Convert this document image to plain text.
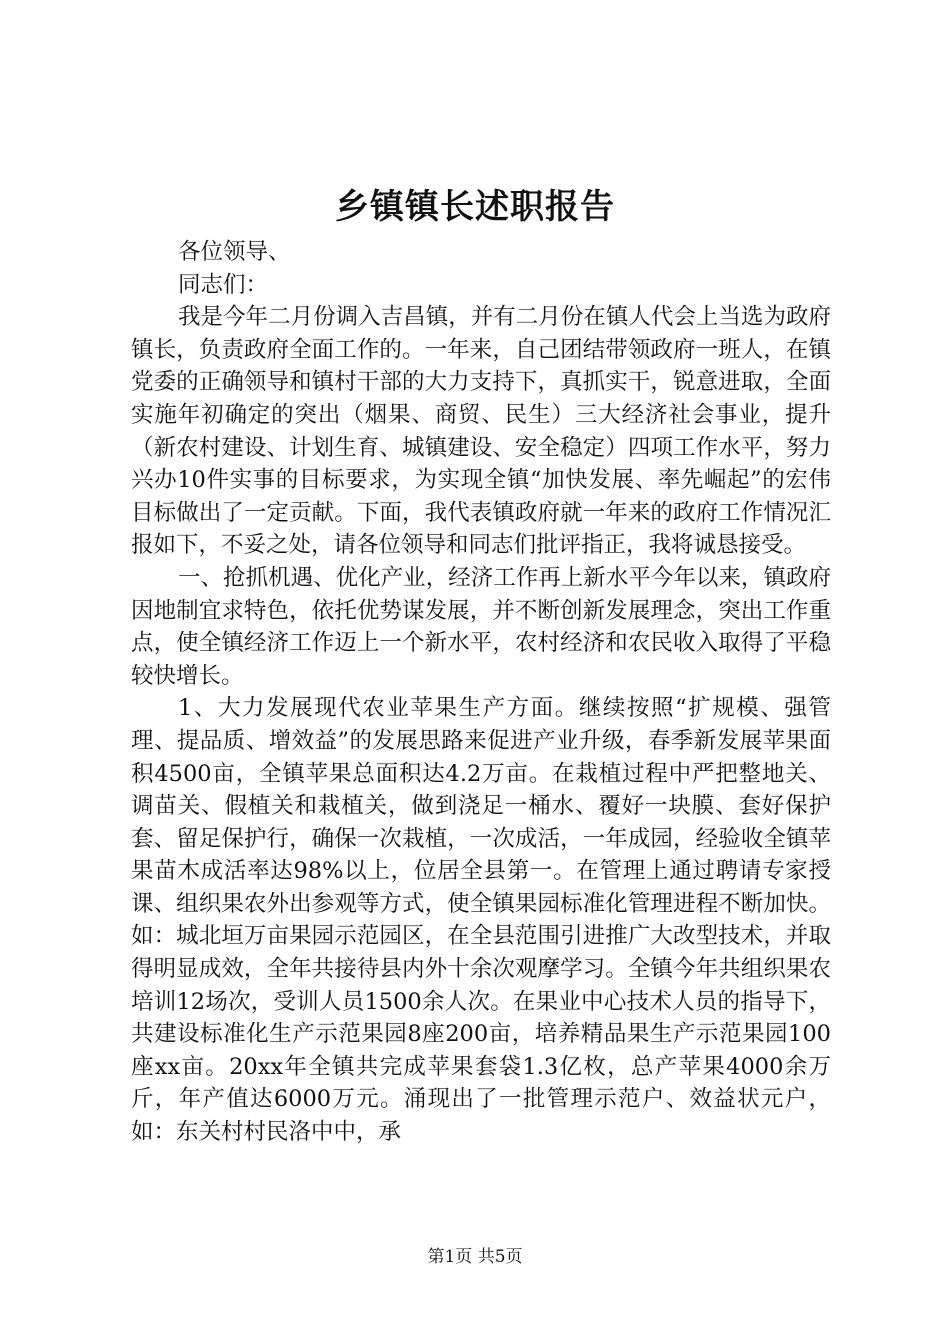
乡镇镇长述职报告

各位领导、

同志们：

我是今年二月份调入吉昌镇，并有二月份在镇人代会上当选为政府镇长，负责政府全面工作的。一年来，自己团结带领政府一班人，在镇党委的正确领导和镇村干部的大力支持下，真抓实干，锐意进取，全面实施年初确定的突出（烟果、商贸、民生）三大经济社会事业，提升（新农村建设、计划生育、城镇建设、安全稳定）四项工作水平，努力兴办10件实事的目标要求，为实现全镇“加快发展、率先崛起”的宏伟目标做出了一定贡献。下面，我代表镇政府就一年来的政府工作情况汇报如下，不妥之处，请各位领导和同志们批评指正，我将诚恳接受。

一、抢抓机遇、优化产业，经济工作再上新水平今年以来，镇政府因地制宜求特色，依托优势谋发展，并不断创新发展理念，突出工作重点，使全镇经济工作迈上一个新水平，农村经济和农民收入取得了平稳较快增长。

1、大力发展现代农业苹果生产方面。继续按照“扩规模、强管理、提品质、增效益”的发展思路来促进产业升级，春季新发展苹果面积4500亩，全镇苹果总面积达4.2万亩。在栽植过程中严把整地关、调苗关、假植关和栽植关，做到浇足一桶水、覆好一块膜、套好保护套、留足保护行，确保一次栽植，一次成活，一年成园，经验收全镇苹果苗木成活率达98%以上，位居全县第一。在管理上通过聘请专家授课、组织果农外出参观等方式，使全镇果园标准化管理进程不断加快。如：城北垣万亩果园示范园区，在全县范围引进推广大改型技术，并取得明显成效，全年共接待县内外十余次观摩学习。全镇今年共组织果农培训12场次，受训人员1500余人次。在果业中心技术人员的指导下，共建设标准化生产示范果园8座200亩，培养精品果生产示范果园100座xx亩。20xx年全镇共完成苹果套袋1.3亿枚，总产苹果4000余万斤，年产值达6000万元。涌现出了一批管理示范户、效益状元户，如：东关村村民洛中中，承

第1页 共5页
